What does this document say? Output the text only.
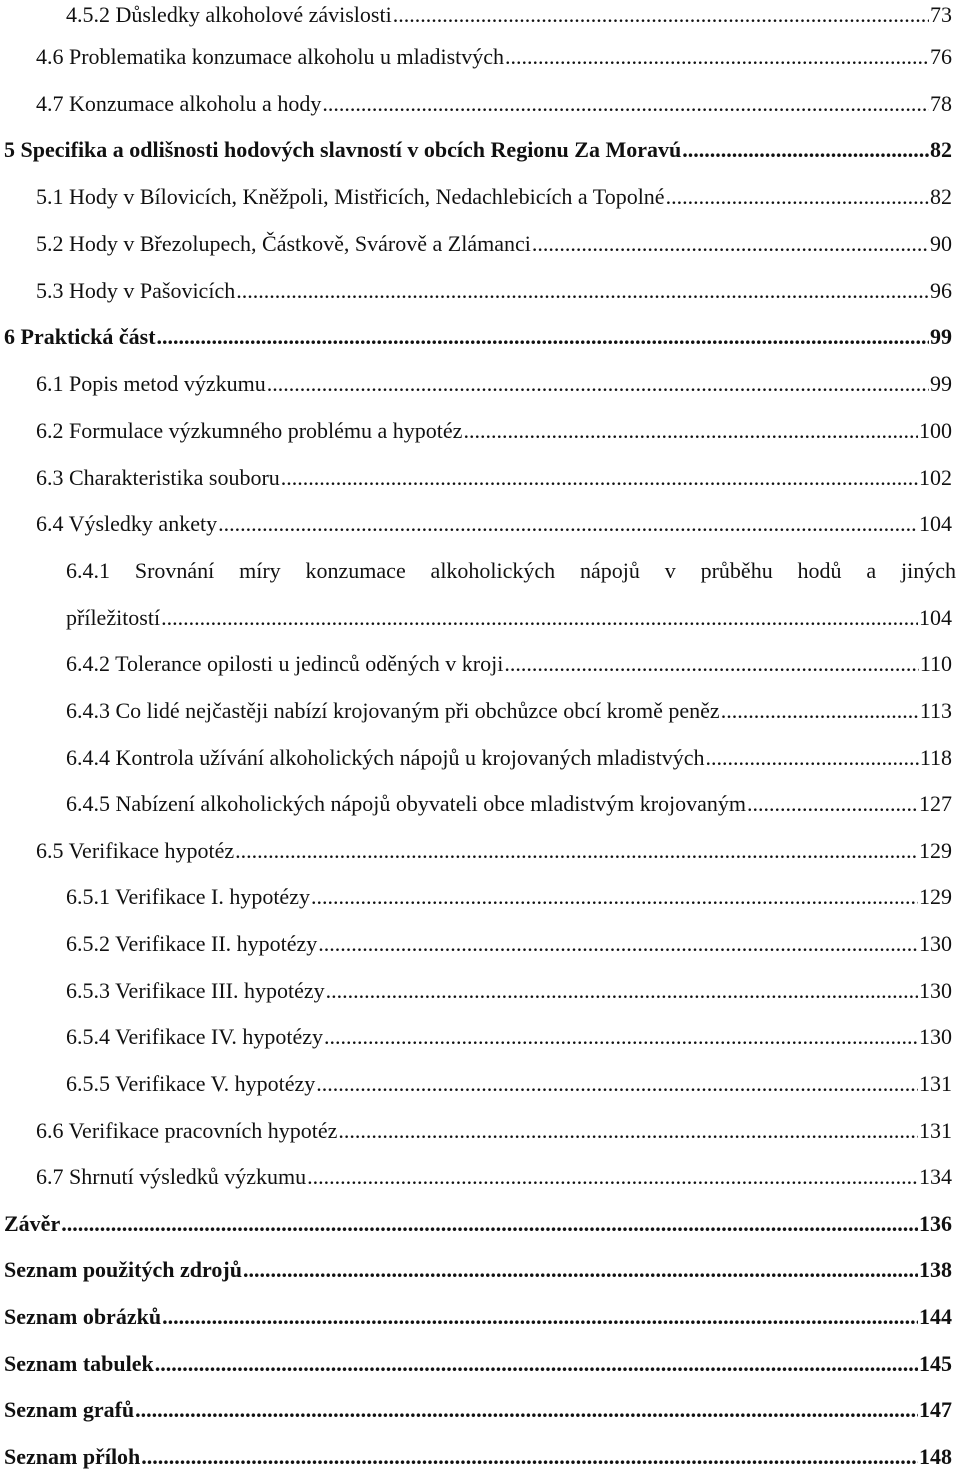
4.5.2 Důsledky alkoholové závislosti .....	73
4.6 Problematika konzumace alkoholu u mladistvých .....	76
4.7 Konzumace alkoholu a hody .....	78
5 Specifika a odlišnosti hodových slavností v obcích Regionu Za Moravú .....	82
5.1 Hody v Bílovicích, Kněžpoli, Mistřicích, Nedachlebicích a Topolné .....	82
5.2 Hody v Březolupech, Částkově, Svárově a Zlámanci .....	90
5.3 Hody v Pašovicích .....	96
6 Praktická část .....	99
6.1 Popis metod výzkumu .....	99
6.2 Formulace výzkumného problému a hypotéz .....	100
6.3 Charakteristika souboru .....	102
6.4 Výsledky ankety .....	104
6.4.1 Srovnání míry konzumace alkoholických nápojů v průběhu hodů a jiných
příležitostí .....	104
6.4.2 Tolerance opilosti u jedinců oděných v kroji .....	110
6.4.3 Co lidé nejčastěji nabízí krojovaným při obchůzce obcí kromě peněz .....	113
6.4.4 Kontrola užívání alkoholických nápojů u krojovaných mladistvých .....	118
6.4.5 Nabízení alkoholických nápojů obyvateli obce mladistvým krojovaným .....	127
6.5 Verifikace hypotéz .....	129
6.5.1 Verifikace I. hypotézy .....	129
6.5.2 Verifikace II. hypotézy .....	130
6.5.3 Verifikace III. hypotézy .....	130
6.5.4 Verifikace IV. hypotézy .....	130
6.5.5 Verifikace V. hypotézy .....	131
6.6 Verifikace pracovních hypotéz .....	131
6.7 Shrnutí výsledků výzkumu .....	134
Závěr .....	136
Seznam použitých zdrojů .....	138
Seznam obrázků .....	144
Seznam tabulek .....	145
Seznam grafů .....	147
Seznam příloh .....	148
